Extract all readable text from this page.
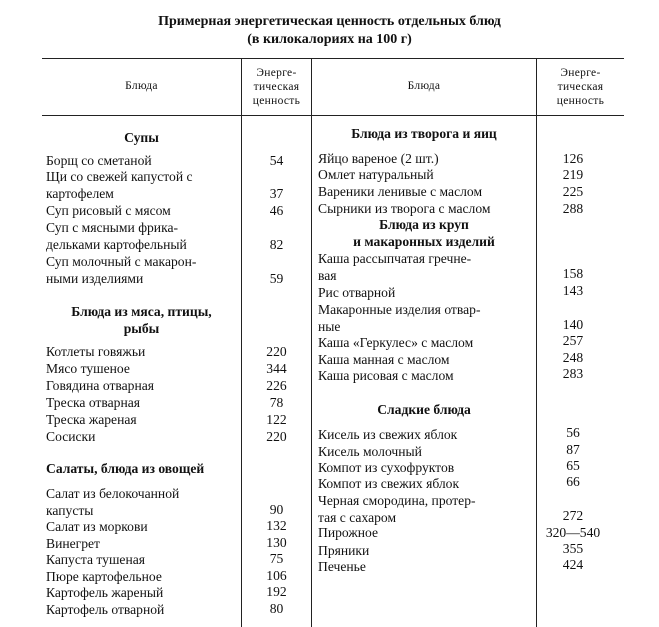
Примерная энергетическая ценность отдельных блюд
(в килокалориях на 100 г)
Блюда
Энерге-
тическая
ценность
Блюда
Энерге-
тическая
ценность
Супы
Борщ со сметаной	54
Щи со свежей капустой с
картофелем	37
Суп рисовый с мясом	46
Суп с мясными фрика-
дельками картофельный	82
Суп молочный с макарон-
ными изделиями	59
Блюда из мяса, птицы,
рыбы
Котлеты говяжьи	220
Мясо тушеное	344
Говядина отварная	226
Треска отварная	78
Треска жареная	122
Сосиски	220
Салаты, блюда из овощей
Салат из белокочанной
капусты	90
Салат из моркови	132
Винегрет	130
Капуста тушеная	75
Пюре картофельное	106
Картофель жареный	192
Картофель отварной	80
Блюда из творога и яиц
Яйцо вареное (2 шт.)	126
Омлет натуральный	219
Вареники ленивые с маслом	225
Сырники из творога с маслом	288
Блюда из круп
и макаронных изделий
Каша рассыпчатая гречне-
вая	158
Рис отварной	143
Макаронные изделия отвар-
ные	140
Каша «Геркулес» с маслом	257
Каша манная с маслом	248
Каша рисовая с маслом	283
Сладкие блюда
Кисель из свежих яблок	56
Кисель молочный	87
Компот из сухофруктов	65
Компот из свежих яблок	66
Черная смородина, протер-
тая с сахаром	272
Пирожное	320—540
Пряники	355
Печенье	424
